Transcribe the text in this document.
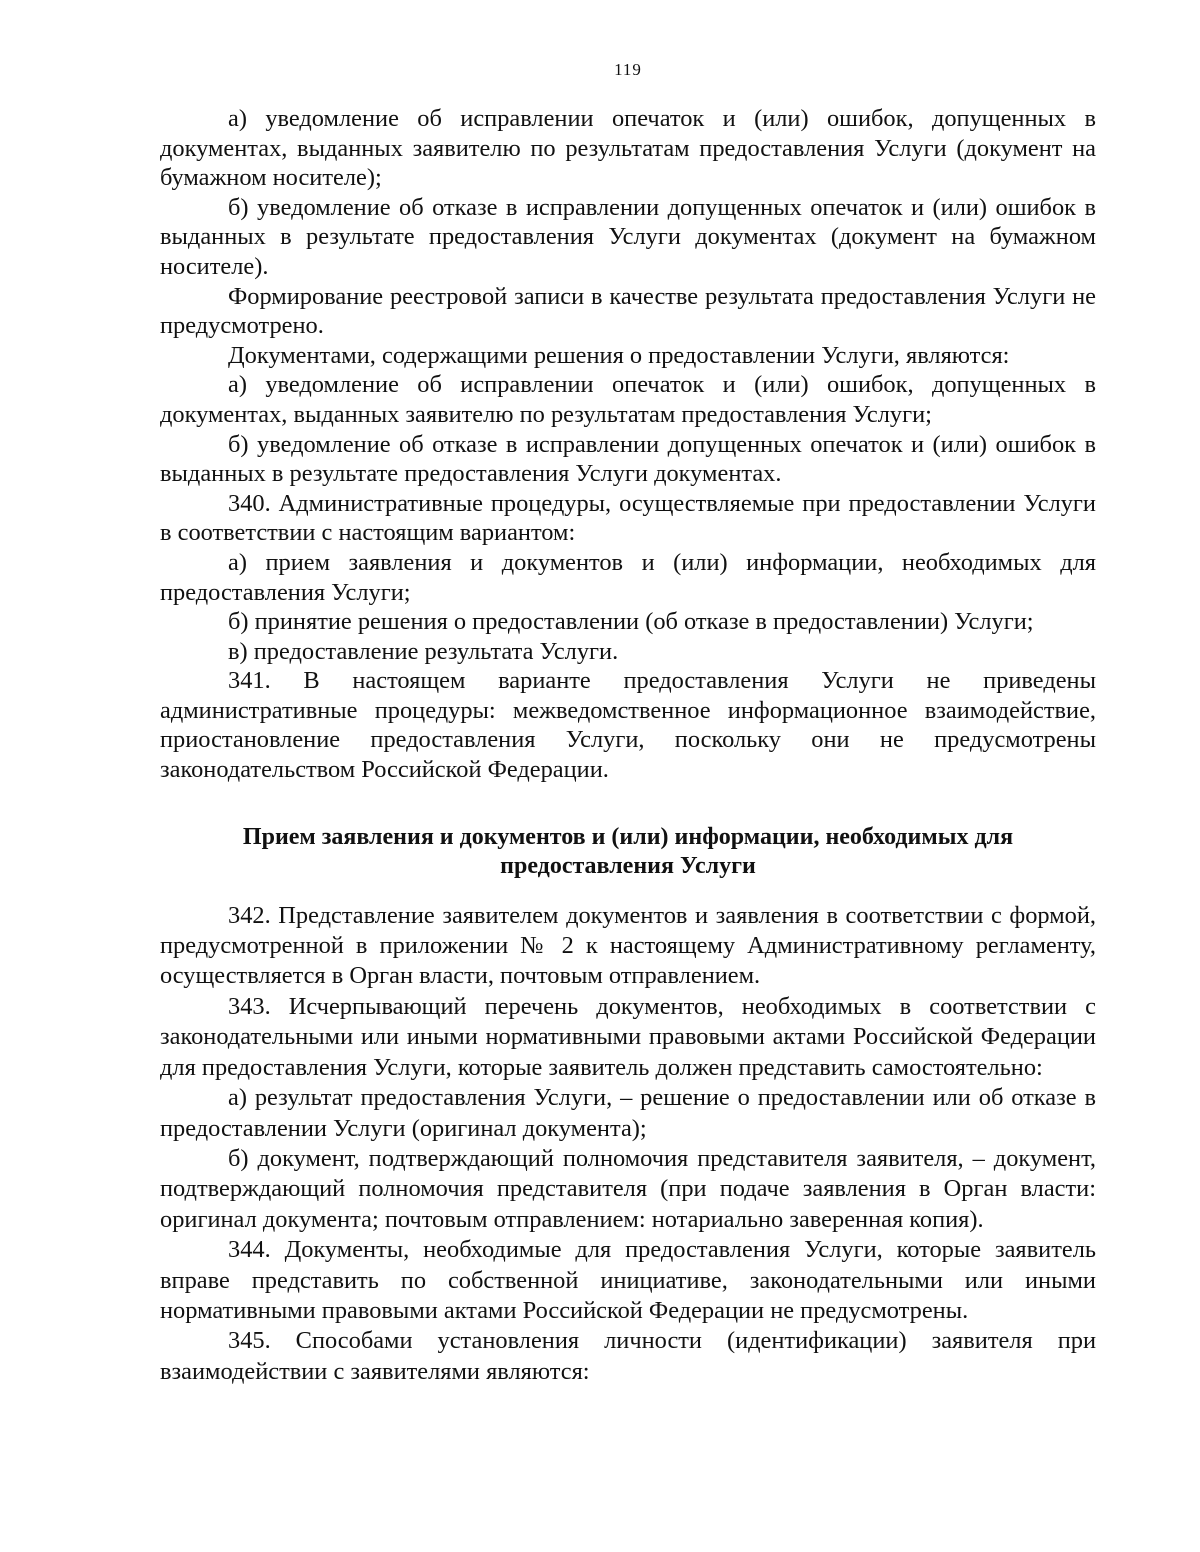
119

а) уведомление об исправлении опечаток и (или) ошибок, допущенных в документах, выданных заявителю по результатам предоставления Услуги (документ на бумажном носителе);

б) уведомление об отказе в исправлении допущенных опечаток и (или) ошибок в выданных в результате предоставления Услуги документах (документ на бумажном носителе).

Формирование реестровой записи в качестве результата предоставления Услуги не предусмотрено.

Документами, содержащими решения о предоставлении Услуги, являются:

а) уведомление об исправлении опечаток и (или) ошибок, допущенных в документах, выданных заявителю по результатам предоставления Услуги;

б) уведомление об отказе в исправлении допущенных опечаток и (или) ошибок в выданных в результате предоставления Услуги документах.

340. Административные процедуры, осуществляемые при предоставлении Услуги в соответствии с настоящим вариантом:

а) прием заявления и документов и (или) информации, необходимых для предоставления Услуги;

б) принятие решения о предоставлении (об отказе в предоставлении) Услуги;

в) предоставление результата Услуги.

341. В настоящем варианте предоставления Услуги не приведены административные процедуры: межведомственное информационное взаимодействие, приостановление предоставления Услуги, поскольку они не предусмотрены законодательством Российской Федерации.

Прием заявления и документов и (или) информации, необходимых для
предоставления Услуги

342. Представление заявителем документов и заявления в соответствии с формой, предусмотренной в приложении № 2 к настоящему Административному регламенту, осуществляется в Орган власти, почтовым отправлением.

343. Исчерпывающий перечень документов, необходимых в соответствии с законодательными или иными нормативными правовыми актами Российской Федерации для предоставления Услуги, которые заявитель должен представить самостоятельно:

а) результат предоставления Услуги, – решение о предоставлении или об отказе в предоставлении Услуги (оригинал документа);

б) документ, подтверждающий полномочия представителя заявителя, – документ, подтверждающий полномочия представителя (при подаче заявления в Орган власти: оригинал документа; почтовым отправлением: нотариально заверенная копия).

344. Документы, необходимые для предоставления Услуги, которые заявитель вправе представить по собственной инициативе, законодательными или иными нормативными правовыми актами Российской Федерации не предусмотрены.

345. Способами установления личности (идентификации) заявителя при взаимодействии с заявителями являются:
